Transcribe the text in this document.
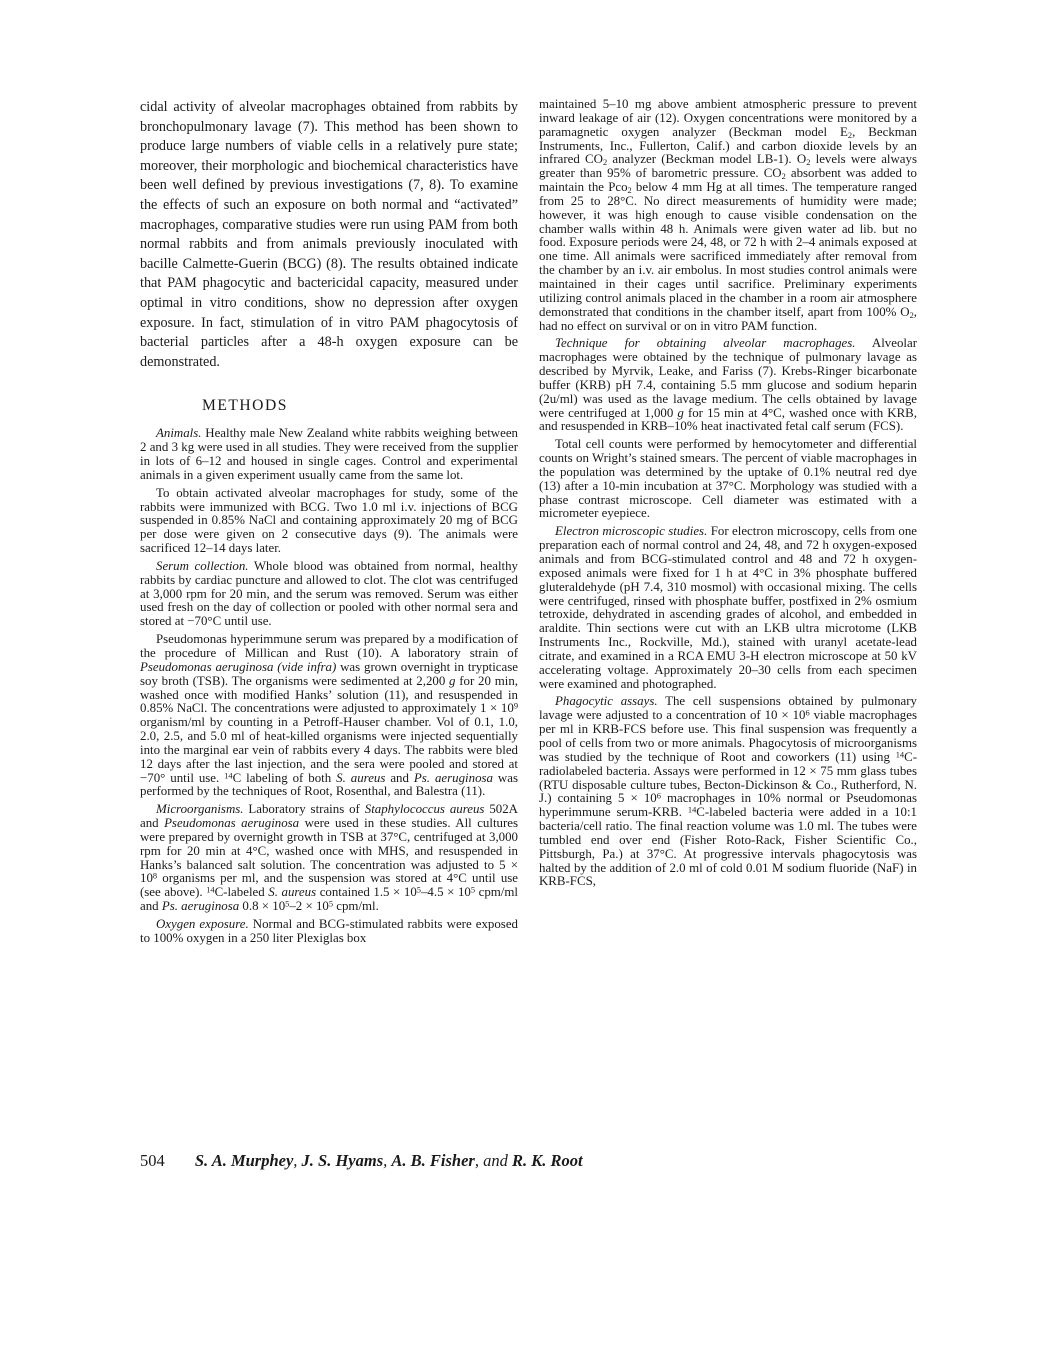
cidal activity of alveolar macrophages obtained from rabbits by bronchopulmonary lavage (7). This method has been shown to produce large numbers of viable cells in a relatively pure state; moreover, their morphologic and biochemical characteristics have been well defined by previous investigations (7, 8). To examine the effects of such an exposure on both normal and “activated” macrophages, comparative studies were run using PAM from both normal rabbits and from animals previously inoculated with bacille Calmette-Guerin (BCG) (8). The results obtained indicate that PAM phagocytic and bactericidal capacity, measured under optimal in vitro conditions, show no depression after oxygen exposure. In fact, stimulation of in vitro PAM phagocytosis of bacterial particles after a 48-h oxygen exposure can be demonstrated.

METHODS

Animals. Healthy male New Zealand white rabbits weighing between 2 and 3 kg were used in all studies. They were received from the supplier in lots of 6–12 and housed in single cages. Control and experimental animals in a given experiment usually came from the same lot.

To obtain activated alveolar macrophages for study, some of the rabbits were immunized with BCG. Two 1.0 ml i.v. injections of BCG suspended in 0.85% NaCl and containing approximately 20 mg of BCG per dose were given on 2 consecutive days (9). The animals were sacrificed 12–14 days later.

Serum collection. Whole blood was obtained from normal, healthy rabbits by cardiac puncture and allowed to clot. The clot was centrifuged at 3,000 rpm for 20 min, and the serum was removed. Serum was either used fresh on the day of collection or pooled with other normal sera and stored at −70°C until use.

Pseudomonas hyperimmune serum was prepared by a modification of the procedure of Millican and Rust (10). A laboratory strain of Pseudomonas aeruginosa (vide infra) was grown overnight in trypticase soy broth (TSB). The organisms were sedimented at 2,200 g for 20 min, washed once with modified Hanks’ solution (11), and resuspended in 0.85% NaCl. The concentrations were adjusted to approximately $1 \times 10^9$ organism/ml by counting in a Petroff-Hauser chamber. Vol of 0.1, 1.0, 2.0, 2.5, and 5.0 ml of heat-killed organisms were injected sequentially into the marginal ear vein of rabbits every 4 days. The rabbits were bled 12 days after the last injection, and the sera were pooled and stored at −70° until use. $^{14}$C labeling of both S. aureus and Ps. aeruginosa was performed by the techniques of Root, Rosenthal, and Balestra (11).

Microorganisms. Laboratory strains of Staphylococcus aureus 502A and Pseudomonas aeruginosa were used in these studies. All cultures were prepared by overnight growth in TSB at 37°C, centrifuged at 3,000 rpm for 20 min at 4°C, washed once with MHS, and resuspended in Hanks’s balanced salt solution. The concentration was adjusted to $5 \times 10^8$ organisms per ml, and the suspension was stored at 4°C until use (see above). $^{14}$C-labeled S. aureus contained $1.5 \times 10^5-4.5 \times 10^5$ cpm/ml and Ps. aeruginosa $0.8 \times 10^5-2 \times 10^5$ cpm/ml.

Oxygen exposure. Normal and BCG-stimulated rabbits were exposed to 100% oxygen in a 250 liter Plexiglas box

maintained 5–10 mg above ambient atmospheric pressure to prevent inward leakage of air (12). Oxygen concentrations were monitored by a paramagnetic oxygen analyzer (Beckman model $E_2$, Beckman Instruments, Inc., Fullerton, Calif.) and carbon dioxide levels by an infrared $CO_2$ analyzer (Beckman model LB-1). $O_2$ levels were always greater than 95% of barometric pressure. $CO_2$ absorbent was added to maintain the Pco$_2$ below 4 mm Hg at all times. The temperature ranged from 25 to 28°C. No direct measurements of humidity were made; however, it was high enough to cause visible condensation on the chamber walls within 48 h. Animals were given water ad lib. but no food. Exposure periods were 24, 48, or 72 h with 2–4 animals exposed at one time. All animals were sacrificed immediately after removal from the chamber by an i.v. air embolus. In most studies control animals were maintained in their cages until sacrifice. Preliminary experiments utilizing control animals placed in the chamber in a room air atmosphere demonstrated that conditions in the chamber itself, apart from 100% $O_2$, had no effect on survival or on in vitro PAM function.

Technique for obtaining alveolar macrophages. Alveolar macrophages were obtained by the technique of pulmonary lavage as described by Myrvik, Leake, and Fariss (7). Krebs-Ringer bicarbonate buffer (KRB) pH 7.4, containing 5.5 mm glucose and sodium heparin (2u/ml) was used as the lavage medium. The cells obtained by lavage were centrifuged at 1,000 g for 15 min at 4°C, washed once with KRB, and resuspended in KRB–10% heat inactivated fetal calf serum (FCS).

Total cell counts were performed by hemocytometer and differential counts on Wright’s stained smears. The percent of viable macrophages in the population was determined by the uptake of 0.1% neutral red dye (13) after a 10-min incubation at 37°C. Morphology was studied with a phase contrast microscope. Cell diameter was estimated with a micrometer eyepiece.

Electron microscopic studies. For electron microscopy, cells from one preparation each of normal control and 24, 48, and 72 h oxygen-exposed animals and from BCG-stimulated control and 48 and 72 h oxygen-exposed animals were fixed for 1 h at 4°C in 3% phosphate buffered gluteraldehyde (pH 7.4, 310 mosmol) with occasional mixing. The cells were centrifuged, rinsed with phosphate buffer, postfixed in 2% osmium tetroxide, dehydrated in ascending grades of alcohol, and embedded in araldite. Thin sections were cut with an LKB ultra microtome (LKB Instruments Inc., Rockville, Md.), stained with uranyl acetate-lead citrate, and examined in a RCA EMU 3-H electron microscope at 50 kV accelerating voltage. Approximately 20–30 cells from each specimen were examined and photographed.

Phagocytic assays. The cell suspensions obtained by pulmonary lavage were adjusted to a concentration of $10 \times 10^6$ viable macrophages per ml in KRB-FCS before use. This final suspension was frequently a pool of cells from two or more animals. Phagocytosis of microorganisms was studied by the technique of Root and coworkers (11) using $^{14}$C-radiolabeled bacteria. Assays were performed in 12 × 75 mm glass tubes (RTU disposable culture tubes, Becton-Dickinson & Co., Rutherford, N. J.) containing $5 \times 10^6$ macrophages in 10% normal or Pseudomonas hyperimmune serum-KRB. $^{14}$C-labeled bacteria were added in a 10:1 bacteria/cell ratio. The final reaction volume was 1.0 ml. The tubes were tumbled end over end (Fisher Roto-Rack, Fisher Scientific Co., Pittsburgh, Pa.) at 37°C. At progressive intervals phagocytosis was halted by the addition of 2.0 ml of cold 0.01 M sodium fluoride (NaF) in KRB-FCS,

504 S. A. Murphey, J. S. Hyams, A. B. Fisher, and R. K. Root
